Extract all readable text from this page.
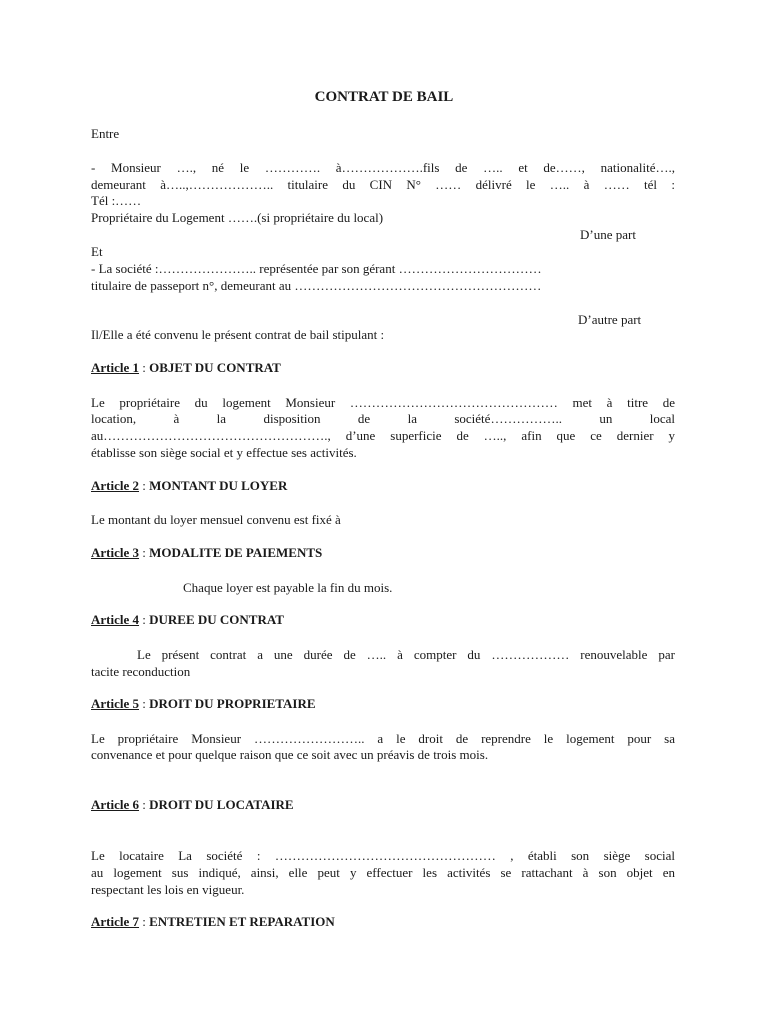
CONTRAT DE BAIL
Entre
- Monsieur …., né le …………. à……………….fils de ….. et de……, nationalité….,
demeurant à…..,……………….. titulaire du CIN N° …… délivré le ….. à …… tél :
Tél :……
Propriétaire du Logement …….(si propriétaire du local)
D’une part
Et
- La société :………………….. représentée par son gérant ……………………………
titulaire de passeport n°, demeurant au …………………………………………………
D’autre part
Il/Elle a été convenu le présent contrat de bail stipulant :
Article 1 : OBJET DU CONTRAT
Le propriétaire du logement Monsieur ………………………………………… met à titre de
location, à la disposition de la société…………….. un local
au……………………………………………., d’une superficie de ….., afin que ce dernier y
établisse son siège social et y effectue ses activités.
Article 2 : MONTANT DU LOYER
Le montant du loyer mensuel convenu est fixé à
Article 3 : MODALITE DE PAIEMENTS
Chaque loyer est payable la fin du mois.
Article 4 : DUREE DU CONTRAT
Le présent contrat a une durée de ….. à compter du ……………… renouvelable par
tacite reconduction
Article 5 : DROIT DU PROPRIETAIRE
Le propriétaire Monsieur …………………….. a le droit de reprendre le logement pour sa
convenance et pour quelque raison que ce soit avec un préavis de trois mois.
Article 6 : DROIT DU LOCATAIRE
Le locataire La société : …………………………………………… , établi son siège social
au logement sus indiqué, ainsi, elle peut y effectuer les activités se rattachant à son objet en
respectant les lois en vigueur.
Article 7 : ENTRETIEN ET REPARATION
